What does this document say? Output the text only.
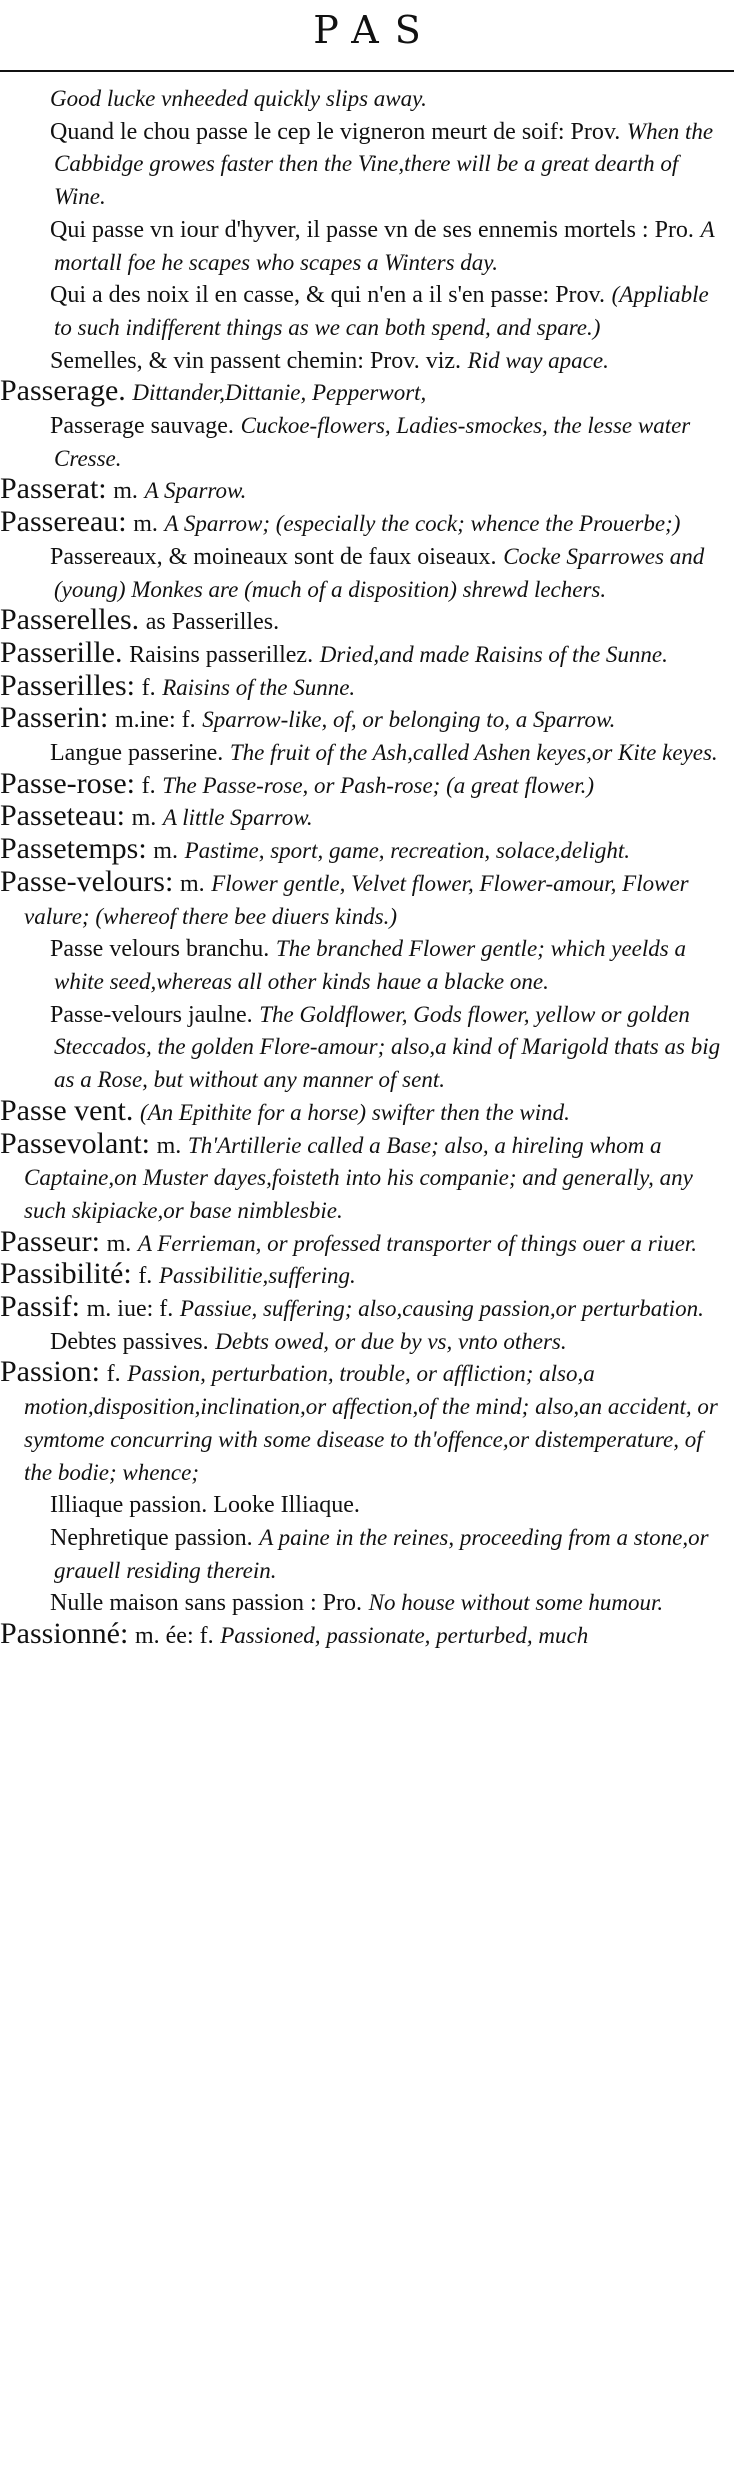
PAS

Good lucke vnheeded quickly slips away.

Quand le chou passe le cep le vigneron meurt de soif: Prov. When the Cabbidge growes faster then the Vine,there will be a great dearth of Wine.

Qui passe vn iour d'hyver, il passe vn de ses ennemis mortels : Pro. A mortall foe he scapes who scapes a Winters day.

Qui a des noix il en casse, & qui n'en a il s'en passe: Prov. (Appliable to such indifferent things as we can both spend, and spare.)

Semelles, & vin passent chemin: Prov. viz. Rid way apace.

Passerage. Dittander,Dittanie, Pepperwort,

Passerage sauvage. Cuckoe-flowers, Ladies-smockes, the lesse water Cresse.

Passerat: m. A Sparrow.

Passereau: m. A Sparrow; (especially the cock; whence the Prouerbe;)

Passereaux, & moineaux sont de faux oiseaux. Cocke Sparrowes and (young) Monkes are (much of a disposition) shrewd lechers.

Passerelles. as Passerilles.

Passerille. Raisins passerillez. Dried,and made Raisins of the Sunne.

Passerilles: f. Raisins of the Sunne.

Passerin: m.ine: f. Sparrow-like, of, or belonging to, a Sparrow.

Langue passerine. The fruit of the Ash,called Ashen keyes,or Kite keyes.

Passe-rose: f. The Passe-rose, or Pash-rose; (a great flower.)

Passeteau: m. A little Sparrow.

Passetemps: m. Pastime, sport, game, recreation, solace,delight.

Passe-velours: m. Flower gentle, Velvet flower, Flower-amour, Flower valure; (whereof there bee diuers kinds.)

Passe velours branchu. The branched Flower gentle; which yeelds a white seed,whereas all other kinds haue a blacke one.

Passe-velours jaulne. The Goldflower, Gods flower, yellow or golden Steccados, the golden Flore-amour; also,a kind of Marigold thats as big as a Rose, but without any manner of sent.

Passe vent. (An Epithite for a horse) swifter then the wind.

Passevolant: m. Th'Artillerie called a Base; also, a hireling whom a Captaine,on Muster dayes,foisteth into his companie; and generally, any such skipiacke,or base nimblesbie.

Passeur: m. A Ferrieman, or professed transporter of things ouer a riuer.

Passibilité: f. Passibilitie,suffering.

Passif: m. iue: f. Passiue, suffering; also,causing passion,or perturbation.

Debtes passives. Debts owed, or due by vs, vnto others.

Passion: f. Passion, perturbation, trouble, or affliction; also,a motion,disposition,inclination,or affection,of the mind; also,an accident, or symtome concurring with some disease to th'offence,or distemperature, of the bodie; whence;

Illiaque passion. Looke Illiaque.

Nephretique passion. A paine in the reines, proceeding from a stone,or grauell residing therein.

Nulle maison sans passion : Pro. No house without some humour.

Passionné: m. ée: f. Passioned, passionate, perturbed, much
